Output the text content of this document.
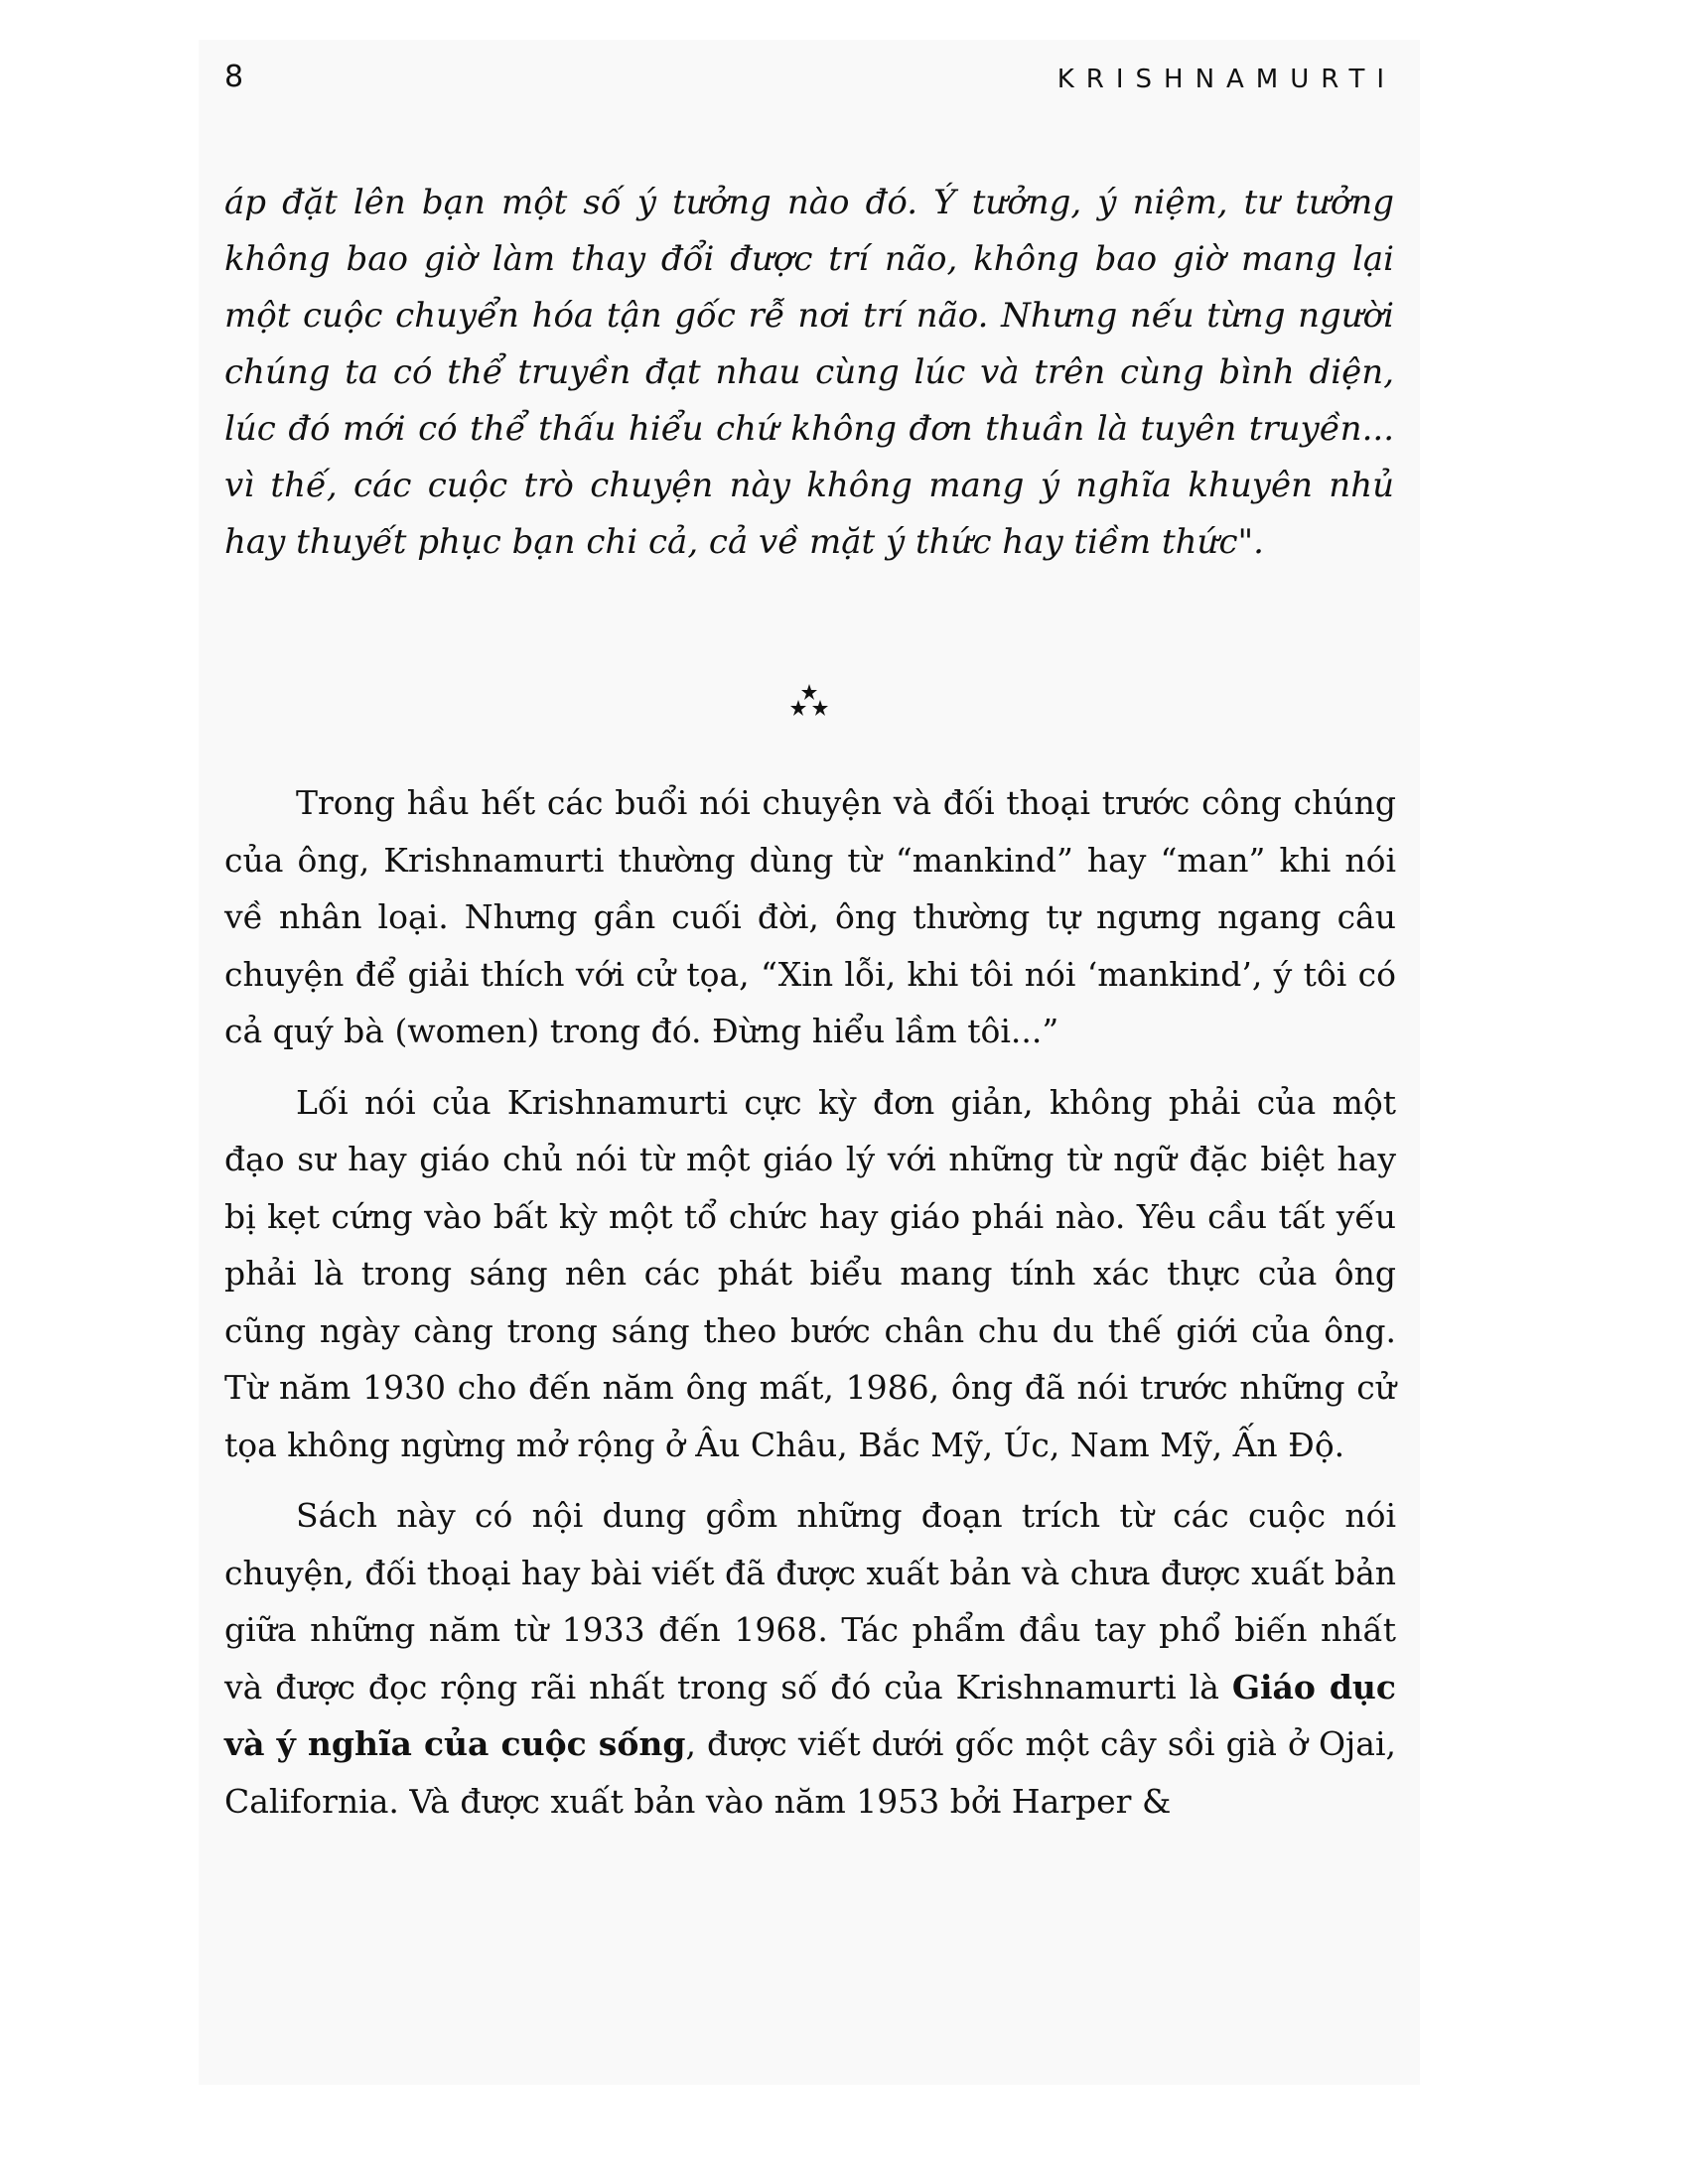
8	KRISHNAMURTI

áp đặt lên bạn một số ý tưởng nào đó. Ý tưởng, ý niệm, tư tưởng không bao giờ làm thay đổi được trí não, không bao giờ mang lại một cuộc chuyển hóa tận gốc rễ nơi trí não. Nhưng nếu từng người chúng ta có thể truyền đạt nhau cùng lúc và trên cùng bình diện, lúc đó mới có thể thấu hiểu chứ không đơn thuần là tuyên truyền... vì thế, các cuộc trò chuyện này không mang ý nghĩa khuyên nhủ hay thuyết phục bạn chi cả, cả về mặt ý thức hay tiềm thức".

Trong hầu hết các buổi nói chuyện và đối thoại trước công chúng của ông, Krishnamurti thường dùng từ “mankind” hay “man” khi nói về nhân loại. Nhưng gần cuối đời, ông thường tự ngưng ngang câu chuyện để giải thích với cử tọa, “Xin lỗi, khi tôi nói ‘mankind’, ý tôi có cả quý bà (women) trong đó. Đừng hiểu lầm tôi...”

Lối nói của Krishnamurti cực kỳ đơn giản, không phải của một đạo sư hay giáo chủ nói từ một giáo lý với những từ ngữ đặc biệt hay bị kẹt cứng vào bất kỳ một tổ chức hay giáo phái nào. Yêu cầu tất yếu phải là trong sáng nên các phát biểu mang tính xác thực của ông cũng ngày càng trong sáng theo bước chân chu du thế giới của ông. Từ năm 1930 cho đến năm ông mất, 1986, ông đã nói trước những cử tọa không ngừng mở rộng ở Âu Châu, Bắc Mỹ, Úc, Nam Mỹ, Ấn Độ.

Sách này có nội dung gồm những đoạn trích từ các cuộc nói chuyện, đối thoại hay bài viết đã được xuất bản và chưa được xuất bản giữa những năm từ 1933 đến 1968. Tác phẩm đầu tay phổ biến nhất và được đọc rộng rãi nhất trong số đó của Krishnamurti là Giáo dục và ý nghĩa của cuộc sống, được viết dưới gốc một cây sồi già ở Ojai, California. Và được xuất bản vào năm 1953 bởi Harper &
